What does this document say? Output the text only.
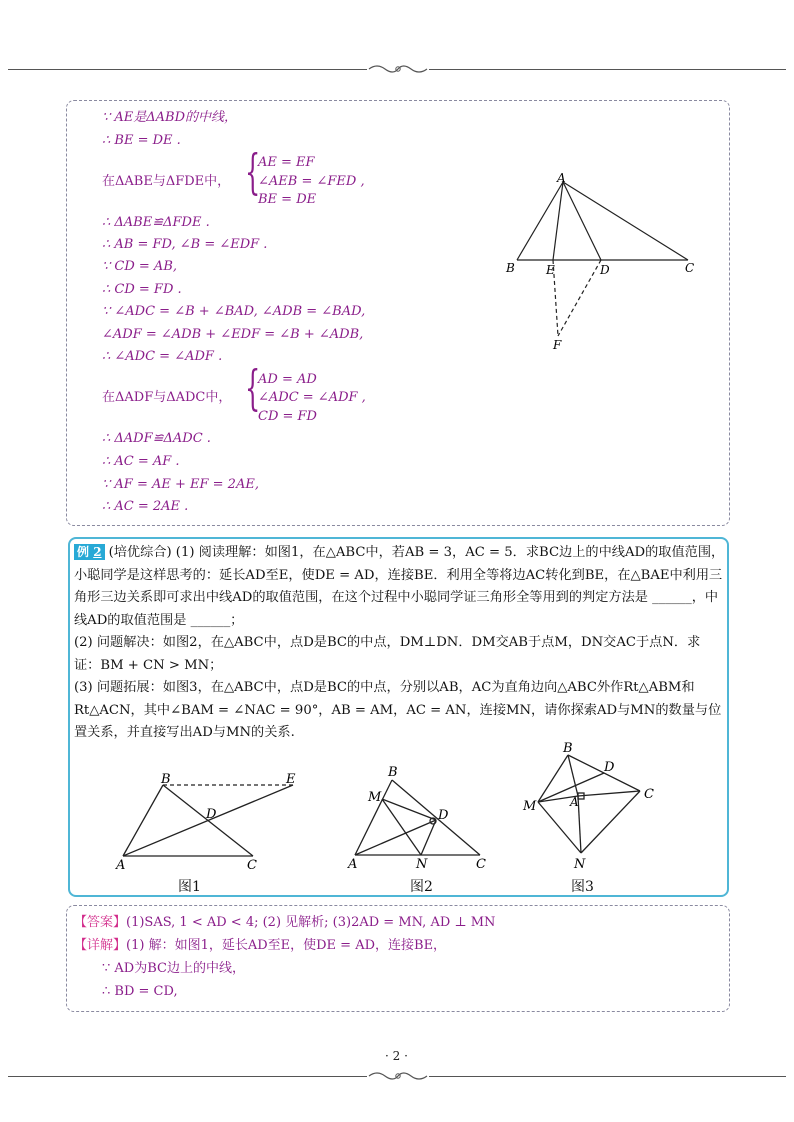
∵ AE是ΔABD的中线，
∴ BE = DE .
在ΔABE与ΔFDE中， {
AE = EF
∠AEB = ∠FED ,
BE = DE
∴ ΔABE≌ΔFDE .
∴ AB = FD, ∠B = ∠EDF .
∵ CD = AB,
∴ CD = FD .
∵ ∠ADC = ∠B + ∠BAD, ∠ADB = ∠BAD,
∠ADF = ∠ADB + ∠EDF = ∠B + ∠ADB,
∴ ∠ADC = ∠ADF .
在ΔADF与ΔADC中， {
AD = AD
∠ADC = ∠ADF ,
CD = FD
∴ ΔADF≌ΔADC .
∴ AC = AF .
∵ AF = AE + EF = 2AE,
∴ AC = 2AE .
A
B	E	D	C
F

例 2 (培优综合) (1) 阅读理解：如图1，在△ABC中，若AB = 3，AC = 5．求BC边上的中线AD的取值范围，小聪同学是这样思考的：延长AD至E，使DE = AD，连接BE．利用全等将边AC转化到BE，在△BAE中利用三角形三边关系即可求出中线AD的取值范围，在这个过程中小聪同学证三角形全等用到的判定方法是 ______，中线AD的取值范围是 ______；

(2) 问题解决：如图2，在△ABC中，点D是BC的中点，DM⊥DN．DM交AB于点M，DN交AC于点N．求证：BM + CN > MN；

(3) 问题拓展：如图3，在△ABC中，点D是BC的中点，分别以AB，AC为直角边向△ABC外作Rt△ABM和Rt△ACN，其中∠BAM = ∠NAC = 90°，AB = AM，AC = AN，连接MN，请你探索AD与MN的数量与位置关系，并直接写出AD与MN的关系.

B	E
D
A	C
图1
B
M
D
A	N	C
图2
B
D
M	A	C
N
图3
【答案】(1)SAS, 1 < AD < 4; (2) 见解析; (3)2AD = MN, AD ⊥ MN
【详解】(1) 解：如图1，延长AD至E，使DE = AD，连接BE，
∵ AD为BC边上的中线，
∴ BD = CD,
· 2 ·
